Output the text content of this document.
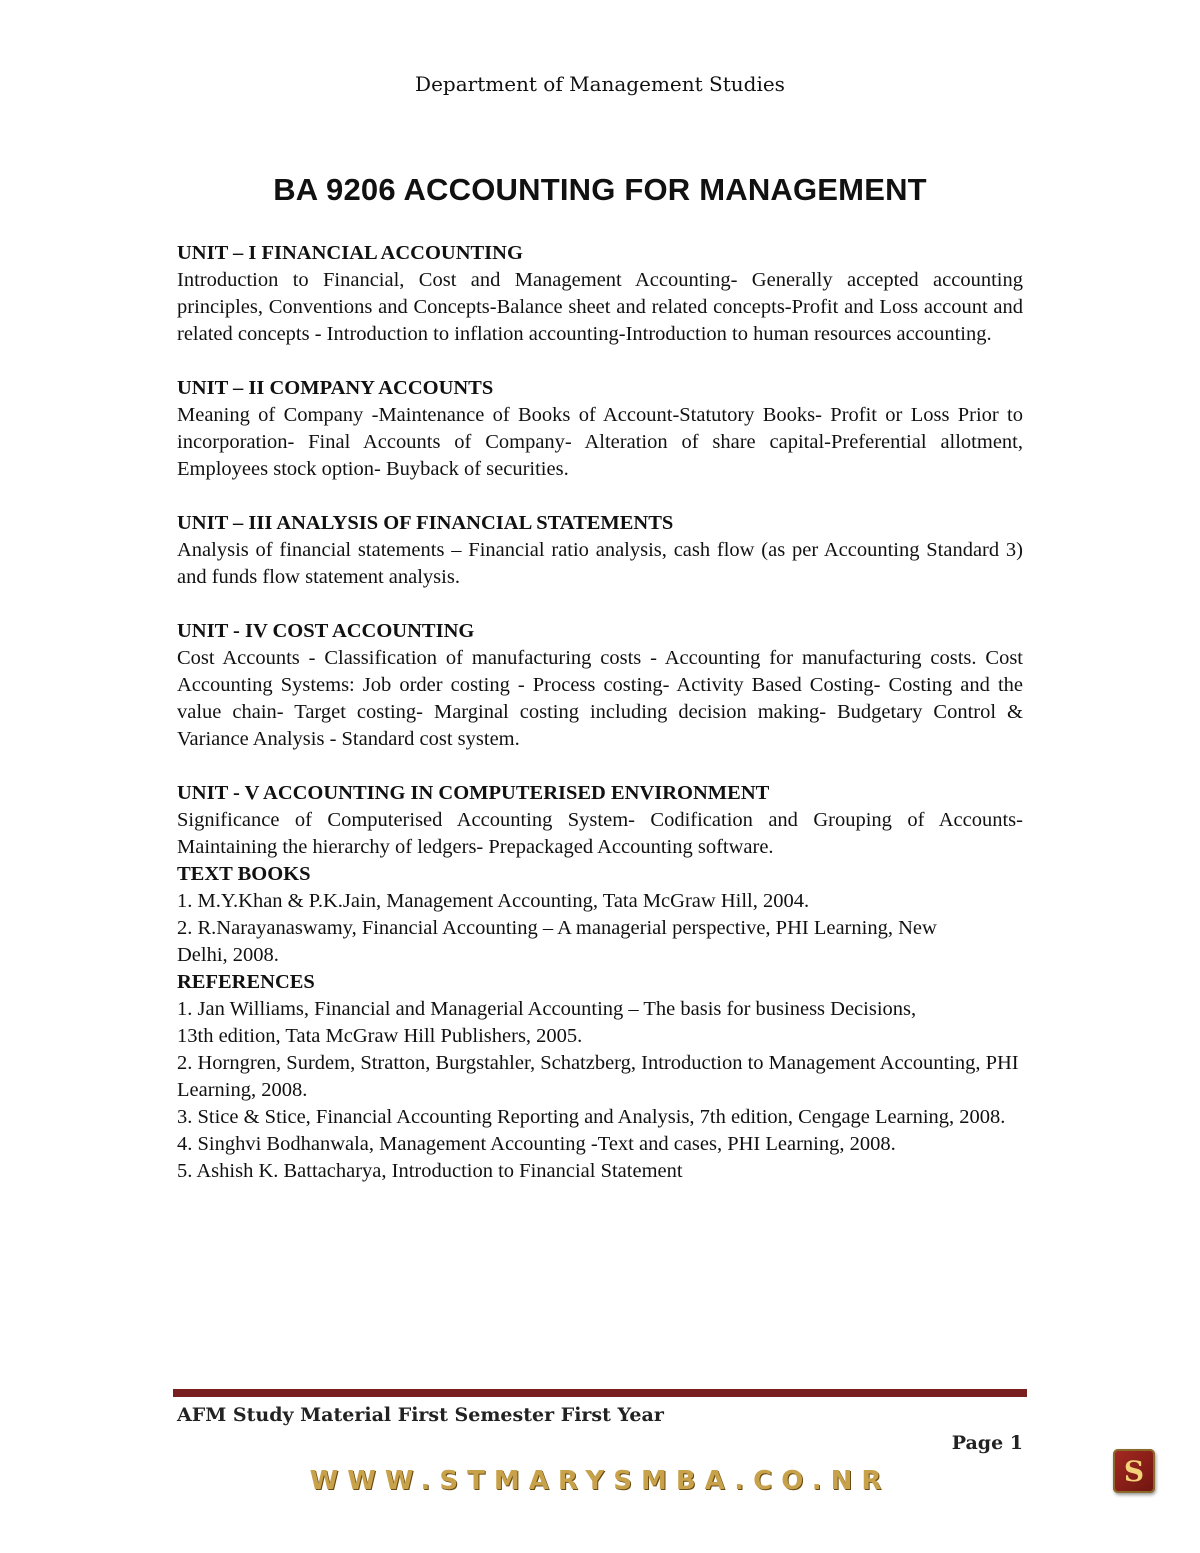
Department of Management Studies
BA 9206 ACCOUNTING FOR MANAGEMENT
UNIT – I FINANCIAL ACCOUNTING
Introduction to Financial, Cost and Management Accounting- Generally accepted accounting principles, Conventions and Concepts-Balance sheet and related concepts-Profit and Loss account and related concepts - Introduction to inflation accounting-Introduction to human resources accounting.
UNIT – II COMPANY ACCOUNTS
Meaning of Company -Maintenance of Books of Account-Statutory Books- Profit or Loss Prior to incorporation- Final Accounts of Company- Alteration of share capital-Preferential allotment, Employees stock option- Buyback of securities.
UNIT – III ANALYSIS OF FINANCIAL STATEMENTS
Analysis of financial statements – Financial ratio analysis, cash flow (as per Accounting Standard 3) and funds flow statement analysis.
UNIT - IV COST ACCOUNTING
Cost Accounts - Classification of manufacturing costs - Accounting for manufacturing costs. Cost Accounting Systems: Job order costing - Process costing- Activity Based Costing- Costing and the value chain- Target costing- Marginal costing including decision making- Budgetary Control & Variance Analysis - Standard cost system.
UNIT - V ACCOUNTING IN COMPUTERISED ENVIRONMENT
Significance of Computerised Accounting System- Codification and Grouping of Accounts- Maintaining the hierarchy of ledgers- Prepackaged Accounting software.
TEXT BOOKS
1. M.Y.Khan & P.K.Jain, Management Accounting, Tata McGraw Hill, 2004.
2. R.Narayanaswamy, Financial Accounting – A managerial perspective, PHI Learning, New
Delhi, 2008.
REFERENCES
1. Jan Williams, Financial and Managerial Accounting – The basis for business Decisions,
13th edition, Tata McGraw Hill Publishers, 2005.
2. Horngren, Surdem, Stratton, Burgstahler, Schatzberg, Introduction to Management Accounting, PHI Learning, 2008.
3. Stice & Stice, Financial Accounting Reporting and Analysis, 7th edition, Cengage Learning, 2008.
4. Singhvi Bodhanwala, Management Accounting -Text and cases, PHI Learning, 2008.
5. Ashish K. Battacharya, Introduction to Financial Statement
AFM Study Material First Semester First Year
Page 1
WWW.STMARYSMBA.CO.NR	S
